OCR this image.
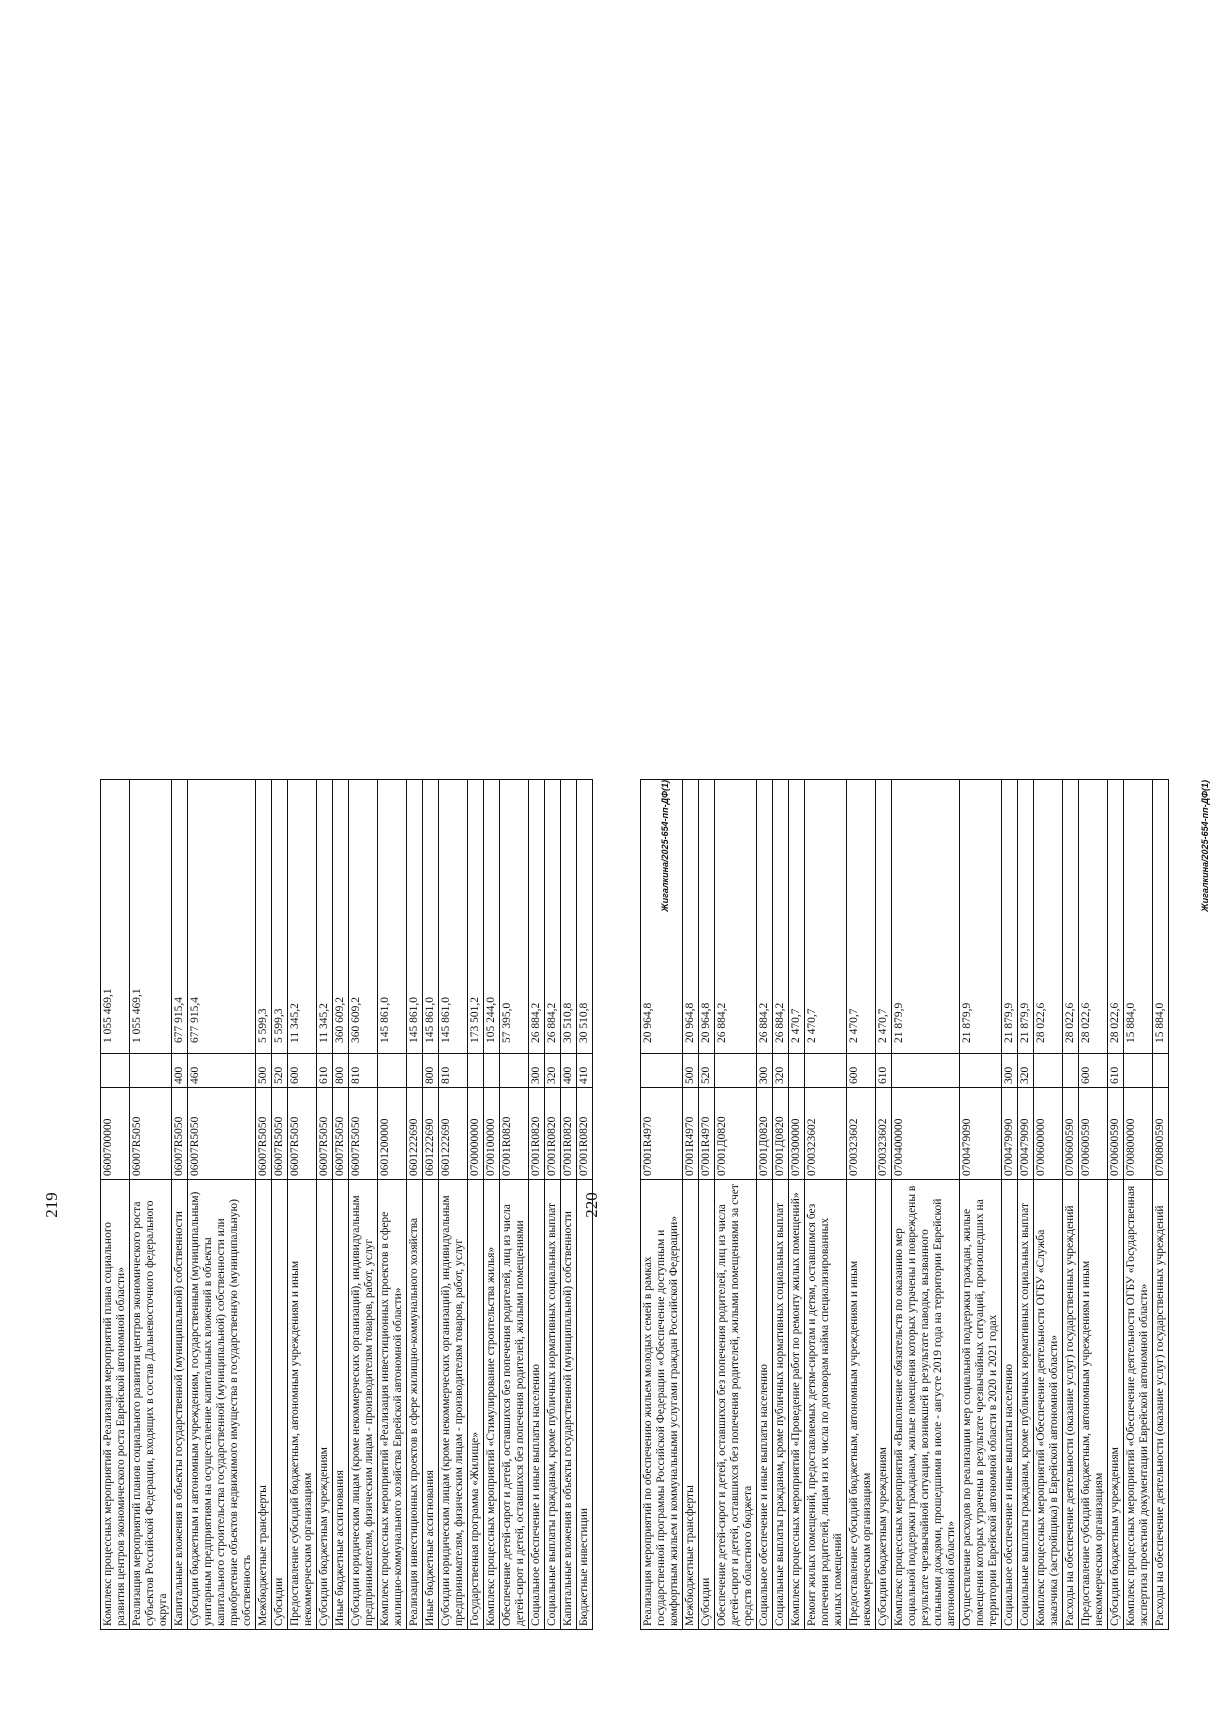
219
Комплекс процессных мероприятий «Реализация мероприятий плана социального развития центров экономического роста Еврейской автономной области»	0600700000		1 055 469,1
Реализация мероприятий планов социального развития центров экономического роста субъектов Российской Федерации, входящих в состав Дальневосточного федерального округа	06007R5050		1 055 469,1
Капитальные вложения в объекты государственной (муниципальной) собственности	06007R5050	400	677 915,4
Субсидии бюджетным и автономным учреждениям, государственным (муниципальным) унитарным предприятиям на осуществление капитальных вложений в объекты капитального строительства государственной (муниципальной) собственности или приобретение объектов недвижимого имущества в государственную (муниципальную) собственность	06007R5050	460	677 915,4
Межбюджетные трансферты	06007R5050	500	5 599,3
Субсидии	06007R5050	520	5 599,3
Предоставление субсидий бюджетным, автономным учреждениям и иным некоммерческим организациям	06007R5050	600	11 345,2
Субсидии бюджетным учреждениям	06007R5050	610	11 345,2
Иные бюджетные ассигнования	06007R5050	800	360 609,2
Субсидии юридическим лицам (кроме некоммерческих организаций), индивидуальным предпринимателям, физическим лицам - производителям товаров, работ, услуг	06007R5050	810	360 609,2
Комплекс процессных мероприятий «Реализация инвестиционных проектов в сфере жилищно-коммунального хозяйства Еврейской автономной области»	0601200000		145 861,0
Реализация инвестиционных проектов в сфере жилищно-коммунального хозяйства	0601222690		145 861,0
Иные бюджетные ассигнования	0601222690	800	145 861,0
Субсидии юридическим лицам (кроме некоммерческих организаций), индивидуальным предпринимателям, физическим лицам - производителям товаров, работ, услуг	0601222690	810	145 861,0
Государственная программа «Жилище»	0700000000		173 501,2
Комплекс процессных мероприятий «Стимулирование строительства жилья»	0700100000		105 244,0
Обеспечение детей-сирот и детей, оставшихся без попечения родителей, лиц из числа детей-сирот и детей, оставшихся без попечения родителей, жилыми помещениями	07001R0820		57 395,0
Социальное обеспечение и иные выплаты населению	07001R0820	300	26 884,2
Социальные выплаты гражданам, кроме публичных нормативных социальных выплат	07001R0820	320	26 884,2
Капитальные вложения в объекты государственной (муниципальной) собственности	07001R0820	400	30 510,8
Бюджетные инвестиции	07001R0820	410	30 510,8
Жигалкина/2025-654-пп-ДФ(1)
220
Реализация мероприятий по обеспечению жильем молодых семей в рамках государственной программы Российской Федерации «Обеспечение доступным и комфортным жильем и коммунальными услугами граждан Российской Федерации»	07001R4970		20 964,8
Межбюджетные трансферты	07001R4970	500	20 964,8
Субсидии	07001R4970	520	20 964,8
Обеспечение детей-сирот и детей, оставшихся без попечения родителей, лиц из числа детей-сирот и детей, оставшихся без попечения родителей, жилыми помещениями за счет средств областного бюджета	07001Д0820		26 884,2
Социальное обеспечение и иные выплаты населению	07001Д0820	300	26 884,2
Социальные выплаты гражданам, кроме публичных нормативных социальных выплат	07001Д0820	320	26 884,2
Комплекс процессных мероприятий «Проведение работ по ремонту жилых помещений»	0700300000		2 470,7
Ремонт жилых помещений, предоставляемых детям-сиротам и детям, оставшимся без попечения родителей, лицам из их числа по договорам найма специализированных жилых помещений	0700323602		2 470,7
Предоставление субсидий бюджетным, автономным учреждениям и иным некоммерческим организациям	0700323602	600	2 470,7
Субсидии бюджетным учреждениям	0700323602	610	2 470,7
Комплекс процессных мероприятий «Выполнение обязательств по оказанию мер социальной поддержки гражданам, жилые помещения которых утрачены и повреждены в результате чрезвычайной ситуации, возникшей в результате паводка, вызванного сильными дождями, прошедшими в июле - августе 2019 года на территории Еврейской автономной области»	0700400000		21 879,9
Осуществление расходов по реализации мер социальной поддержки граждан, жилые помещения которых утрачены в результате чрезвычайных ситуаций, произошедших на территории Еврейской автономной области в 2020 и 2021 годах	0700479090		21 879,9
Социальное обеспечение и иные выплаты населению	0700479090	300	21 879,9
Социальные выплаты гражданам, кроме публичных нормативных социальных выплат	0700479090	320	21 879,9
Комплекс процессных мероприятий «Обеспечение деятельности ОГБУ «Служба заказчика (застройщика) в Еврейской автономной области»	0700600000		28 022,6
Расходы на обеспечение деятельности (оказание услуг) государственных учреждений	0700600590		28 022,6
Предоставление субсидий бюджетным, автономным учреждениям и иным некоммерческим организациям	0700600590	600	28 022,6
Субсидии бюджетным учреждениям	0700600590	610	28 022,6
Комплекс процессных мероприятий «Обеспечение деятельности ОГБУ «Государственная экспертиза проектной документации Еврейской автономной области»	0700800000		15 884,0
Расходы на обеспечение деятельности (оказание услуг) государственных учреждений	0700800590		15 884,0
Жигалкина/2025-654-пп-ДФ(1)
